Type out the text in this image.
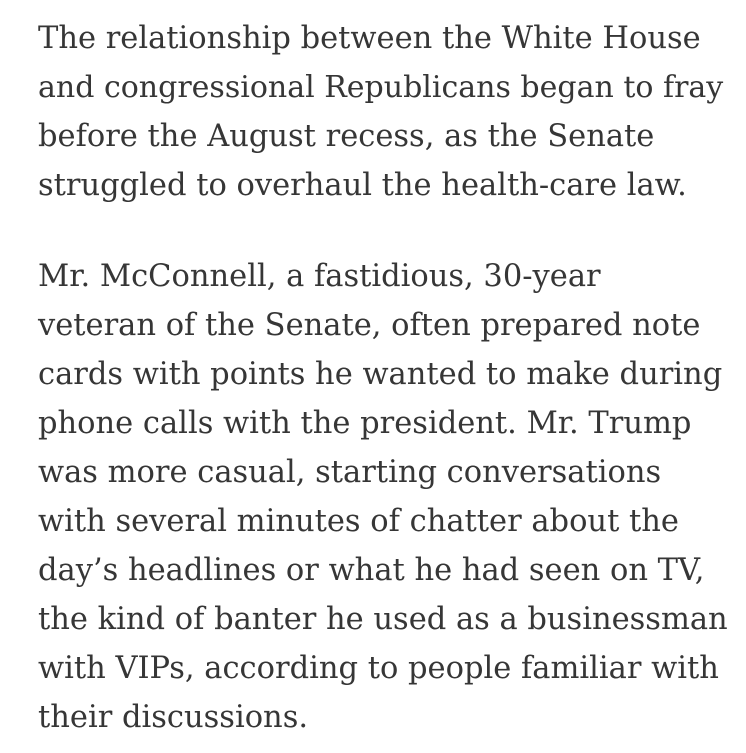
The relationship between the White House
and congressional Republicans began to fray
before the August recess, as the Senate
struggled to overhaul the health-care law.
Mr. McConnell, a fastidious, 30-year
veteran of the Senate, often prepared note
cards with points he wanted to make during
phone calls with the president. Mr. Trump
was more casual, starting conversations
with several minutes of chatter about the
day’s headlines or what he had seen on TV,
the kind of banter he used as a businessman
with VIPs, according to people familiar with
their discussions.
